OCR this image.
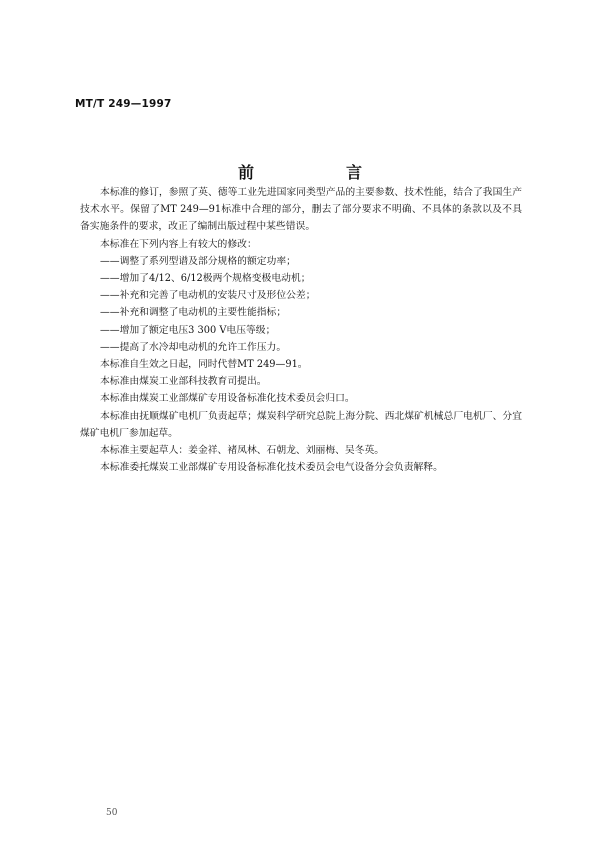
MT/T 249—1997
前　言

本标准的修订，参照了英、德等工业先进国家同类型产品的主要参数、技术性能，结合了我国生产技术水平。保留了MT 249—91标准中合理的部分，删去了部分要求不明确、不具体的条款以及不具备实施条件的要求，改正了编制出版过程中某些错误。

本标准在下列内容上有较大的修改：

——调整了系列型谱及部分规格的额定功率；

——增加了4/12、6/12极两个规格变极电动机；

——补充和完善了电动机的安装尺寸及形位公差；

——补充和调整了电动机的主要性能指标；

——增加了额定电压3 300 V电压等级；

——提高了水冷却电动机的允许工作压力。

本标准自生效之日起，同时代替MT 249—91。

本标准由煤炭工业部科技教育司提出。

本标准由煤炭工业部煤矿专用设备标准化技术委员会归口。

本标准由抚顺煤矿电机厂负责起草；煤炭科学研究总院上海分院、西北煤矿机械总厂电机厂、分宜煤矿电机厂参加起草。

本标准主要起草人：姜金祥、褚凤林、石朝龙、刘丽梅、吴冬英。

本标准委托煤炭工业部煤矿专用设备标准化技术委员会电气设备分会负责解释。

50
